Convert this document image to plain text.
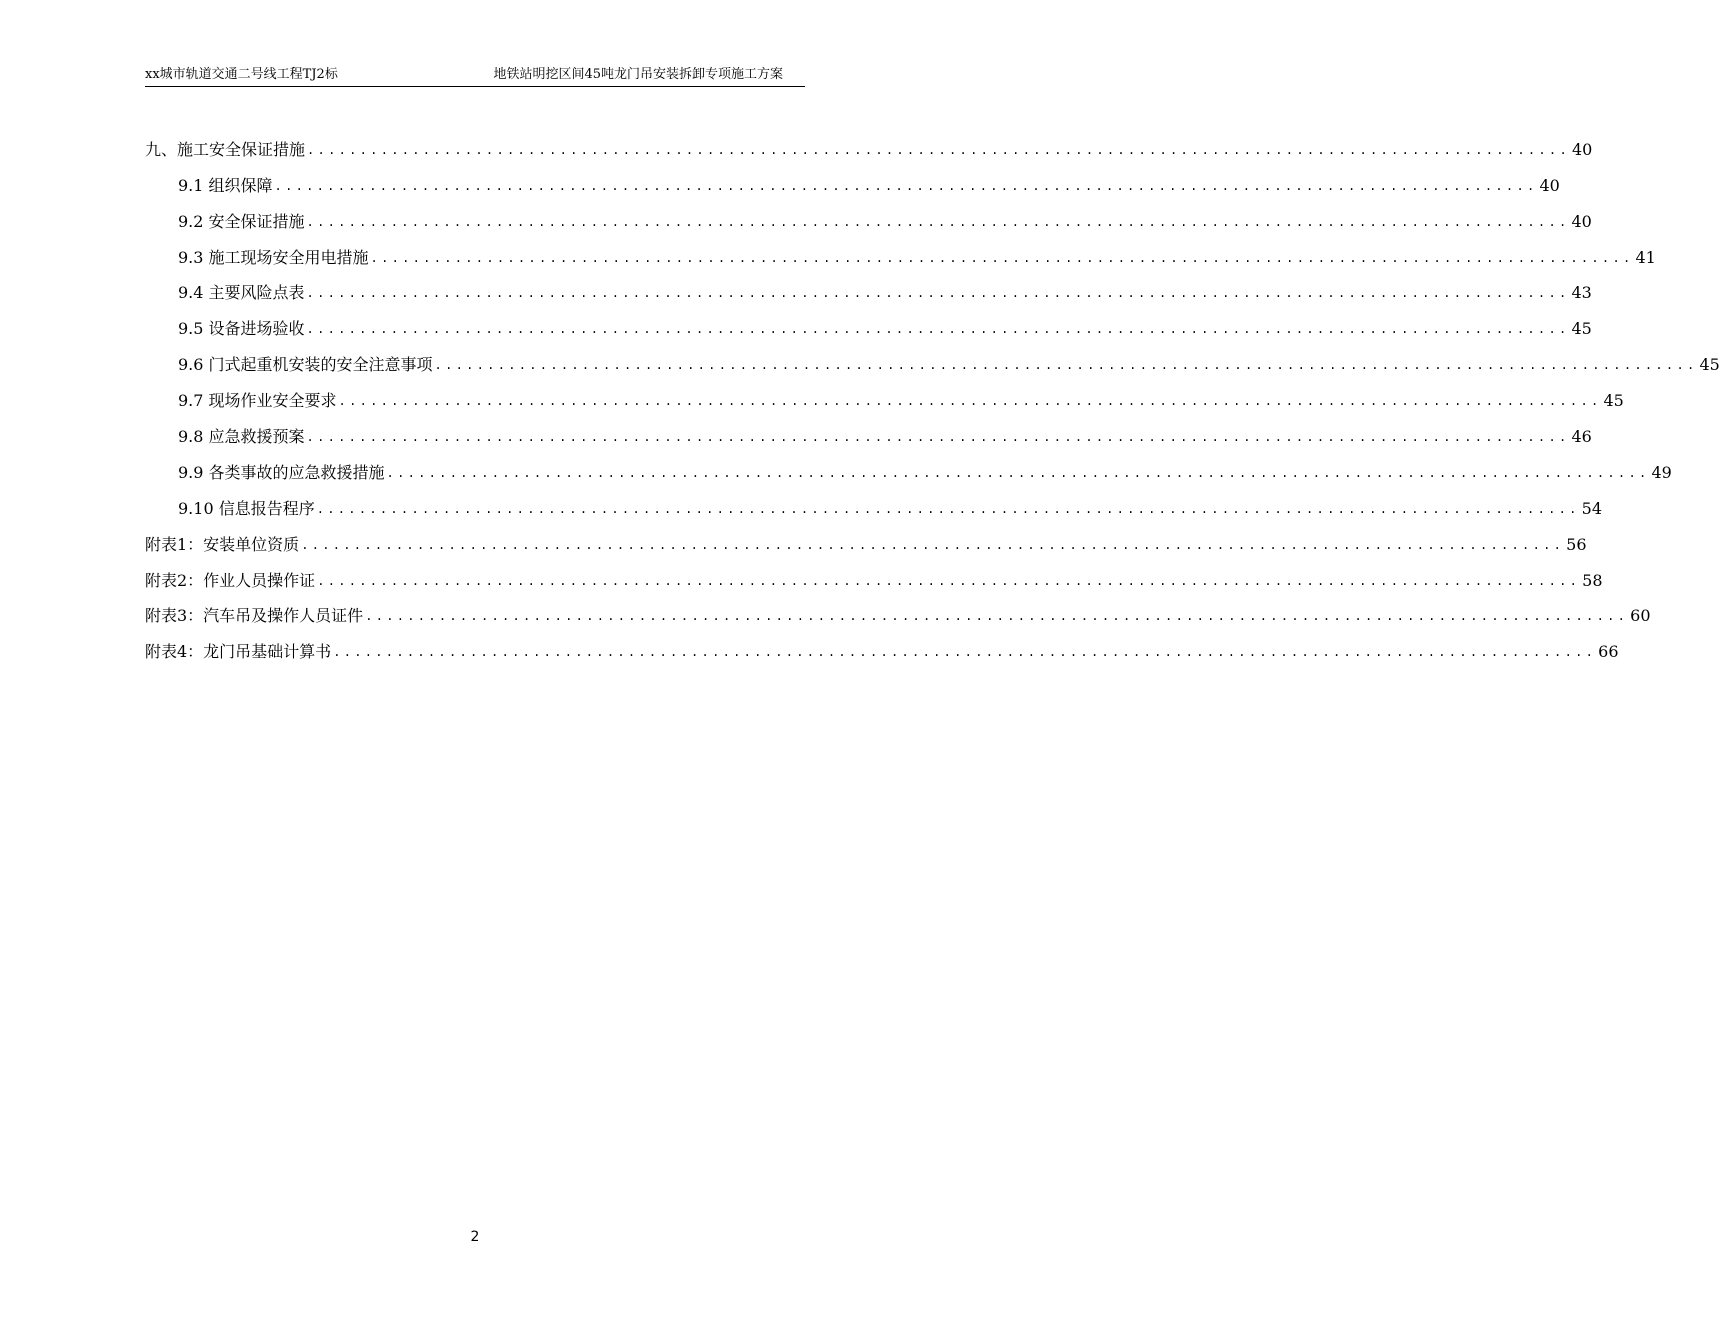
xx城市轨道交通二号线工程TJ2标	地铁站明挖区间45吨龙门吊安装拆卸专项施工方案
九、施工安全保证措施 ........................................................................................................................ 40
9.1 组织保障 ........................................................................................................................ 40
9.2 安全保证措施 ........................................................................................................................ 40
9.3 施工现场安全用电措施 ........................................................................................................................ 41
9.4 主要风险点表 ........................................................................................................................ 43
9.5 设备进场验收 ........................................................................................................................ 45
9.6 门式起重机安装的安全注意事项 ........................................................................................................................ 45
9.7 现场作业安全要求 ........................................................................................................................ 45
9.8 应急救援预案 ........................................................................................................................ 46
9.9 各类事故的应急救援措施 ........................................................................................................................ 49
9.10 信息报告程序 ........................................................................................................................ 54
附表1：安装单位资质 ........................................................................................................................ 56
附表2：作业人员操作证 ........................................................................................................................ 58
附表3：汽车吊及操作人员证件 ........................................................................................................................ 60
附表4：龙门吊基础计算书 ........................................................................................................................ 66
2
